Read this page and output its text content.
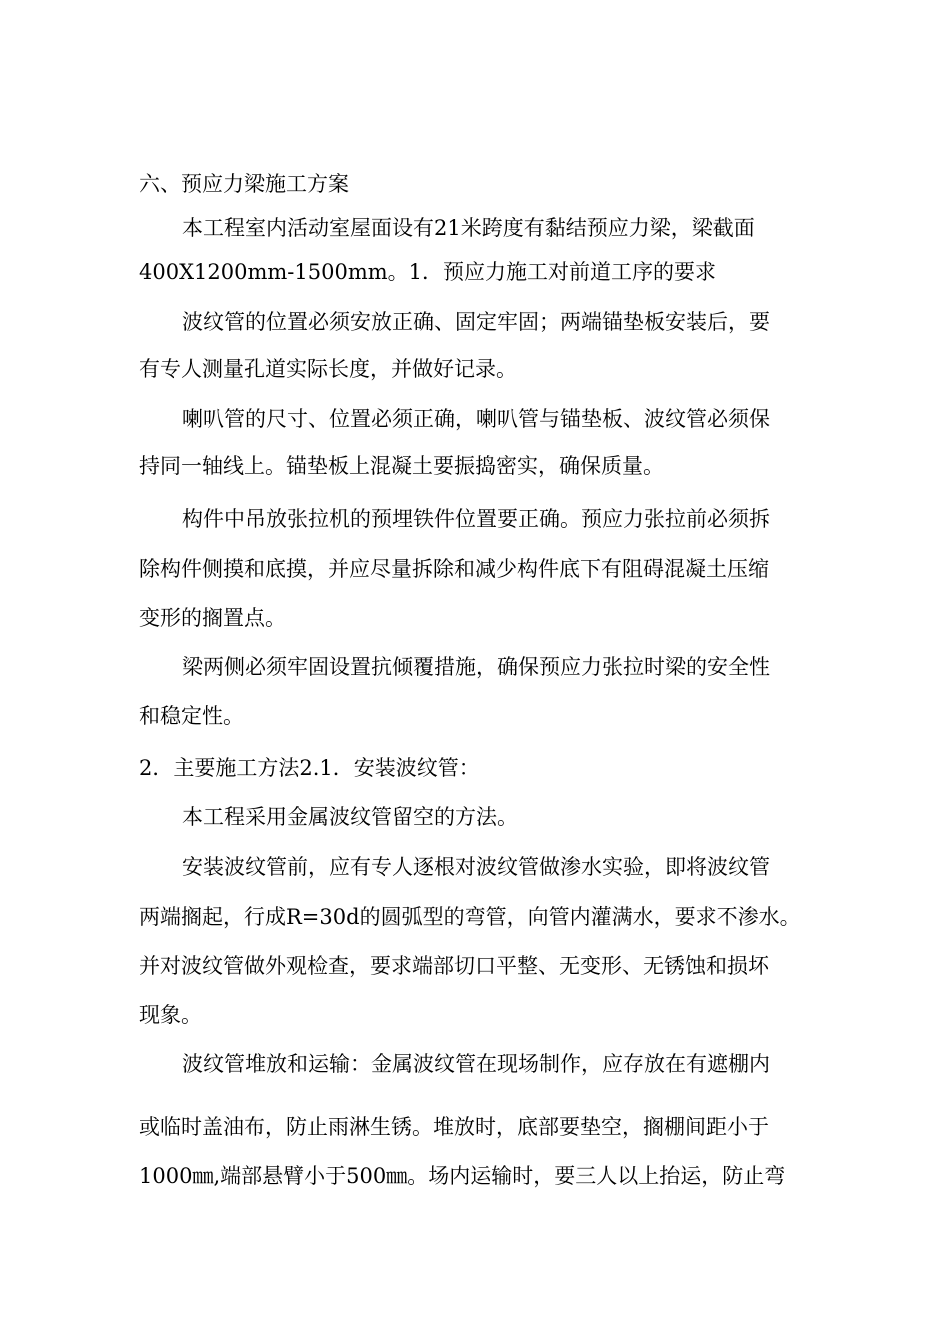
六、预应力梁施工方案
本工程室内活动室屋面设有21米跨度有黏结预应力梁，梁截面
400X1200mm-1500mm。1．预应力施工对前道工序的要求
波纹管的位置必须安放正确、固定牢固；两端锚垫板安装后，要
有专人测量孔道实际长度，并做好记录。
喇叭管的尺寸、位置必须正确，喇叭管与锚垫板、波纹管必须保
持同一轴线上。锚垫板上混凝土要振捣密实，确保质量。
构件中吊放张拉机的预埋铁件位置要正确。预应力张拉前必须拆
除构件侧摸和底摸，并应尽量拆除和减少构件底下有阻碍混凝土压缩
变形的搁置点。
梁两侧必须牢固设置抗倾覆措施，确保预应力张拉时梁的安全性
和稳定性。
2．主要施工方法2.1．安装波纹管：
本工程采用金属波纹管留空的方法。
安装波纹管前，应有专人逐根对波纹管做渗水实验，即将波纹管
两端搁起，行成R=30d的圆弧型的弯管，向管内灌满水，要求不渗水。
并对波纹管做外观检查，要求端部切口平整、无变形、无锈蚀和损坏
现象。
波纹管堆放和运输：金属波纹管在现场制作，应存放在有遮棚内
或临时盖油布，防止雨淋生锈。堆放时，底部要垫空，搁棚间距小于
1000㎜,端部悬臂小于500㎜。场内运输时，要三人以上抬运，防止弯
